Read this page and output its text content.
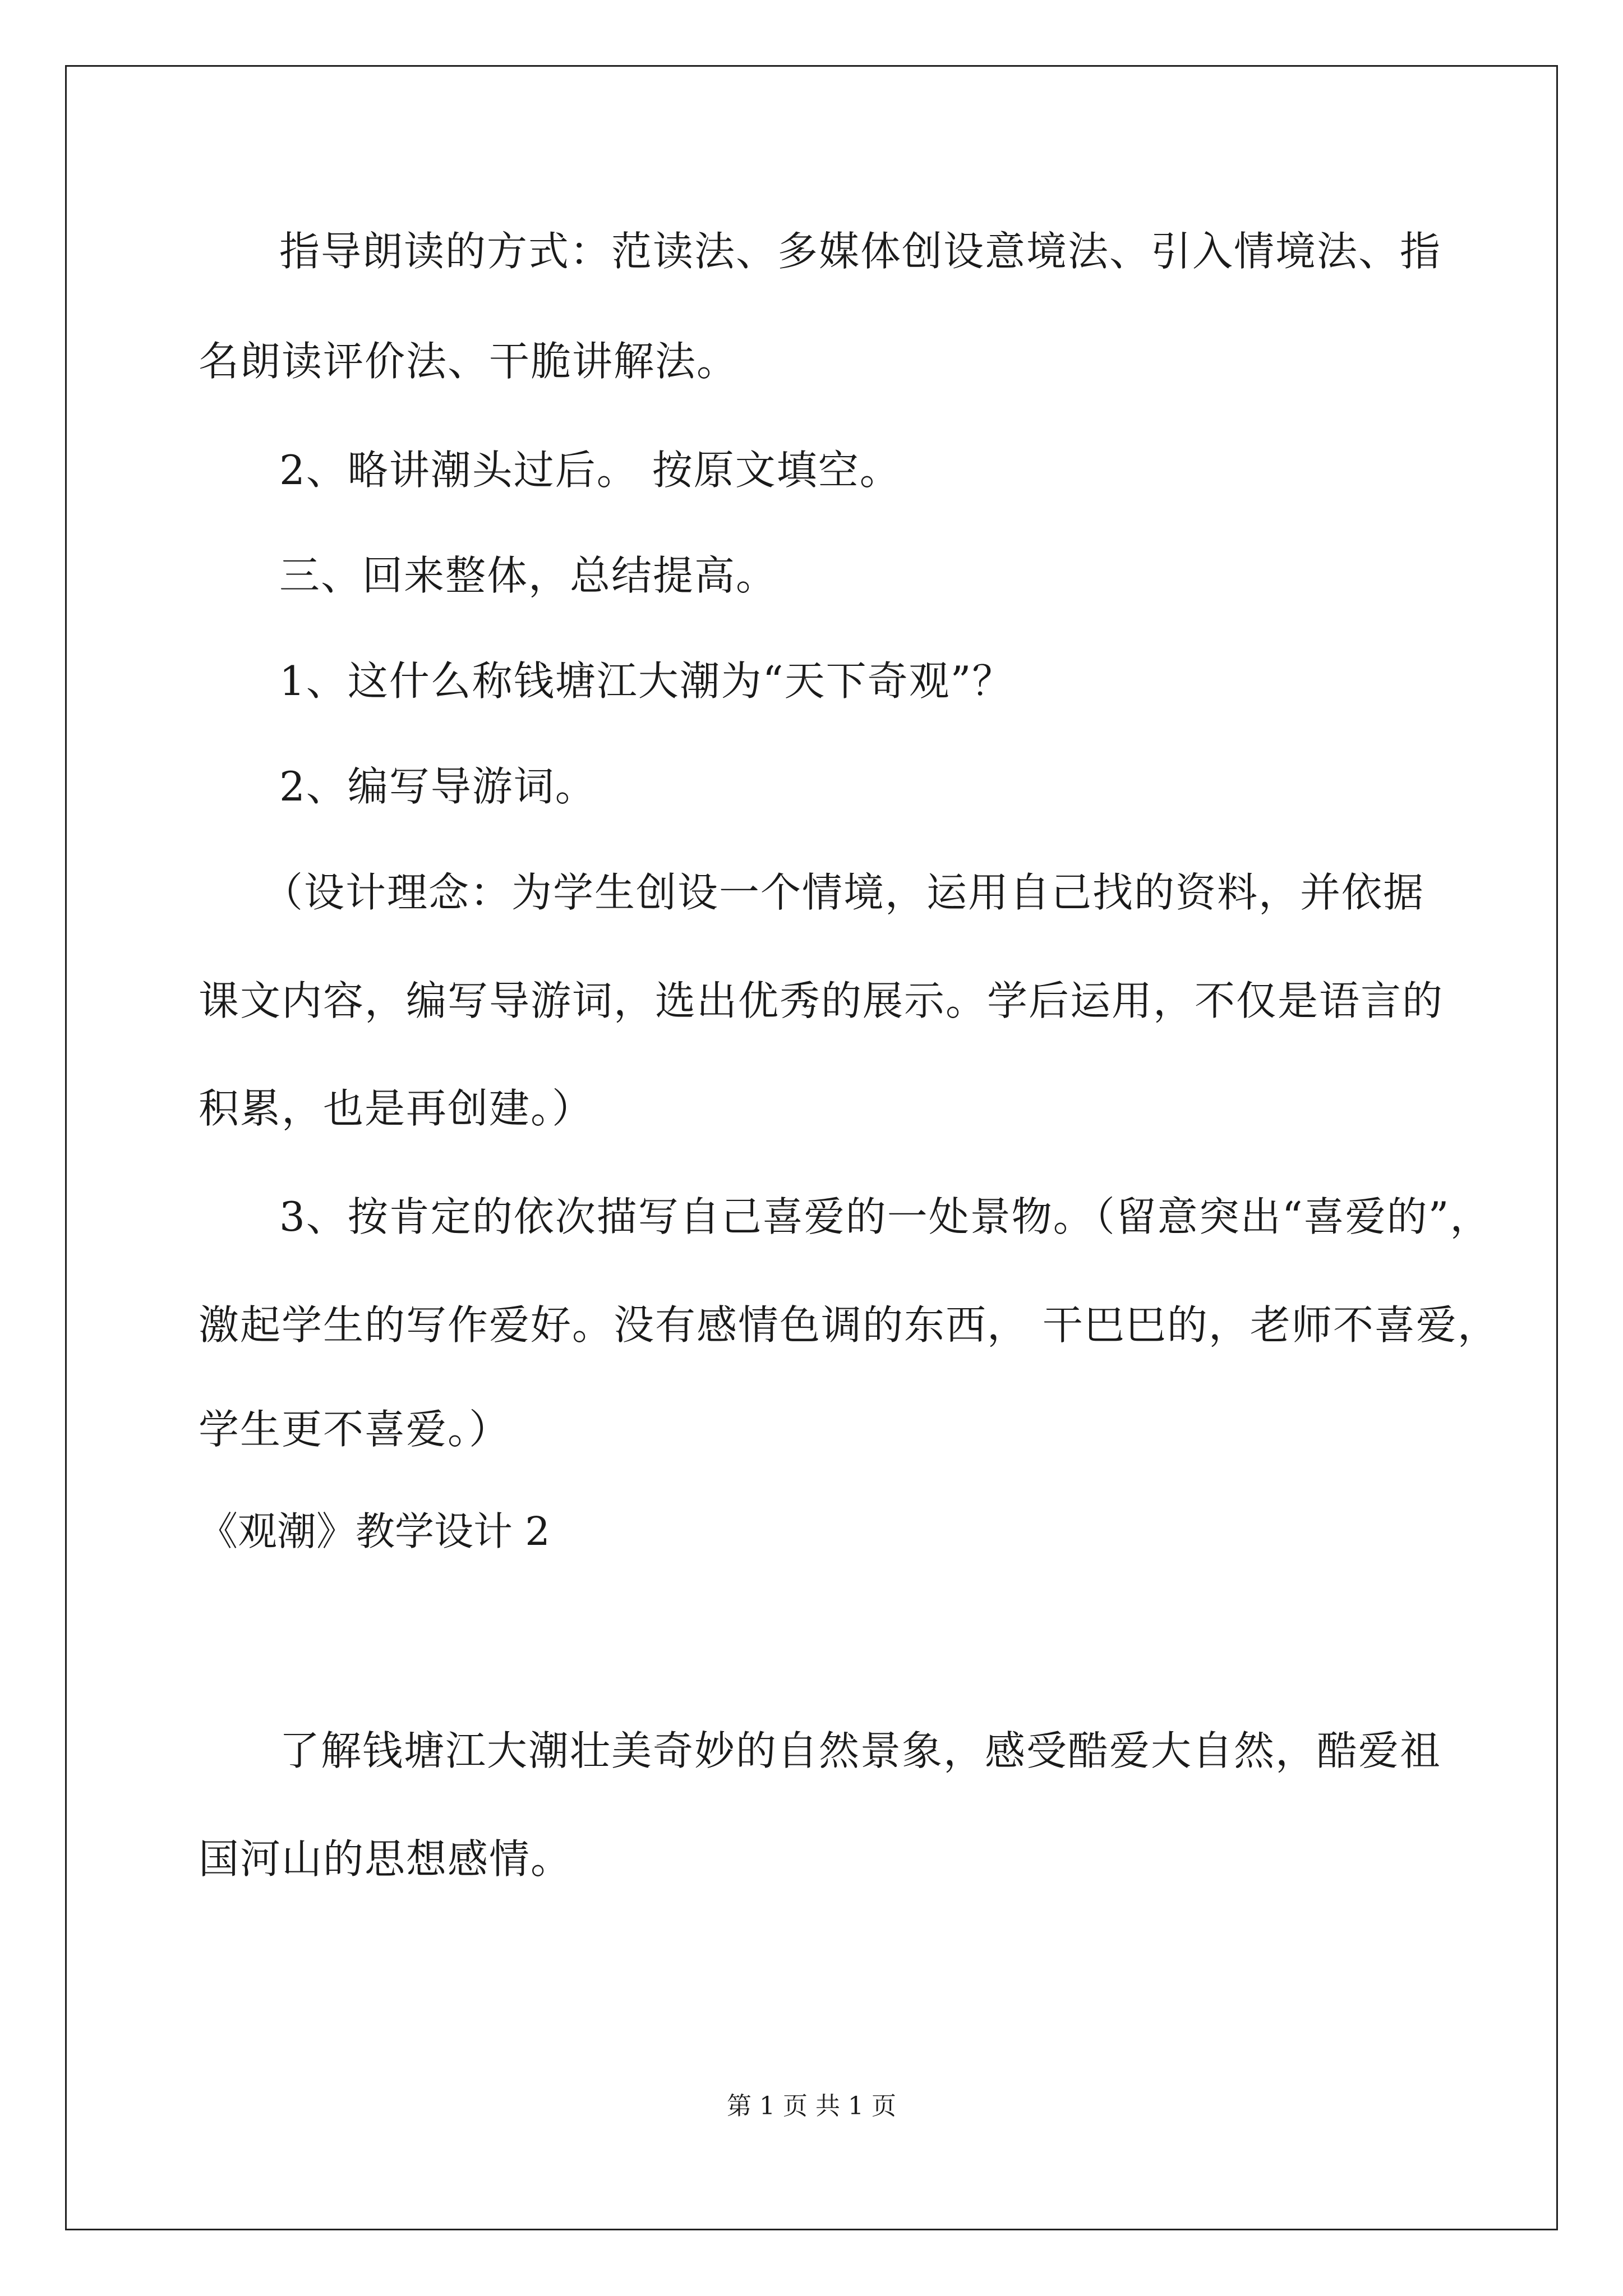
指导朗读的方式：范读法、多媒体创设意境法、引入情境法、指
名朗读评价法、干脆讲解法。
2、略讲潮头过后。 按原文填空。
三、回来整体，总结提高。
1、这什么称钱塘江大潮为“天下奇观”？
2、编写导游词。
（设计理念：为学生创设一个情境，运用自己找的资料，并依据
课文内容，编写导游词，选出优秀的展示。学后运用，不仅是语言的
积累，也是再创建。）
3、按肯定的依次描写自己喜爱的一处景物。（留意突出“喜爱的”，
激起学生的写作爱好。没有感情色调的东西， 干巴巴的，老师不喜爱，
学生更不喜爱。）
《观潮》教学设计 2
了解钱塘江大潮壮美奇妙的自然景象，感受酷爱大自然，酷爱祖
国河山的思想感情。
第 1 页 共 1 页
